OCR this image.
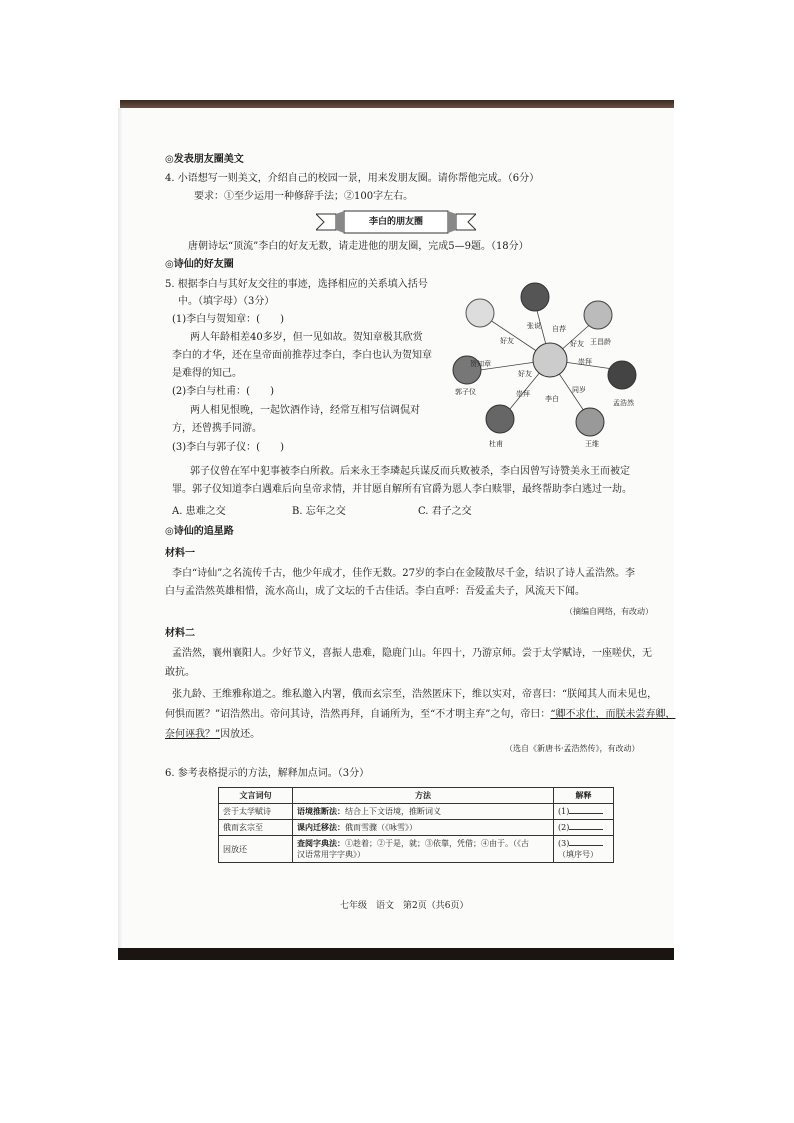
◎发表朋友圈美文
4. 小语想写一则美文，介绍自己的校园一景，用来发朋友圈。请你帮他完成。（6分）
要求：①至少运用一种修辞手法；②100字左右。
李白的朋友圈
唐朝诗坛“顶流”李白的好友无数，请走进他的朋友圈，完成5—9题。（18分）
◎诗仙的好友圈
5. 根据李白与其好友交往的事迹，选择相应的关系填入括号
中。（填字母）（3分）
(1)李白与贺知章：(　　)
两人年龄相差40多岁，但一见如故。贺知章极其欣赏
李白的才华，还在皇帝面前推荐过李白，李白也认为贺知章
是难得的知己。
(2)李白与杜甫：(　　)
两人相见恨晚，一起饮酒作诗，经常互相写信调侃对
方，还曾携手同游。
(3)李白与郭子仪：(　　)
贺知章
张说
王昌龄
孟浩然
王维
杜甫
郭子仪
李白
好友
自荐
好友
崇拜
同岁
崇拜
好友
郭子仪曾在军中犯事被李白所救。后来永王李璘起兵谋反而兵败被杀，李白因曾写诗赞美永王而被定
罪。郭子仪知道李白遇难后向皇帝求情，并甘愿自解所有官爵为恩人李白赎罪，最终帮助李白逃过一劫。
A. 患难之交	B. 忘年之交	C. 君子之交
◎诗仙的追星路
材料一
李白“诗仙”之名流传千古，他少年成才，佳作无数。27岁的李白在金陵散尽千金，结识了诗人孟浩然。李
白与孟浩然英雄相惜，流水高山，成了文坛的千古佳话。李白直呼：吾爱孟夫子，风流天下闻。
（摘编自网络，有改动）
材料二
孟浩然，襄州襄阳人。少好节义，喜振人患难，隐鹿门山。年四十，乃游京师。尝于太学赋诗，一座嗟伏，无
敢抗。
张九龄、王维雅称道之。维私邀入内署，俄而玄宗至，浩然匿床下，维以实对，帝喜曰：“朕闻其人而未见也，
何惧而匿？”诏浩然出。帝问其诗，浩然再拜，自诵所为，至“不才明主弃”之句，帝曰：“卿不求仕，而朕未尝弃卿，
奈何诬我？”因放还。
（选自《新唐书·孟浩然传》，有改动）
6. 参考表格提示的方法，解释加点词。（3分）
文言词句	方法	解释
尝于太学赋诗	语境推断法：结合上下文语境，推断词义	(1)
俄而玄宗至	课内迁移法：俄而雪骤（《咏雪》）	(2)
因放还	查阅字典法：①趁着；②于是，就；③依靠，凭借；④由于。（《古
汉语常用字字典》）	(3)
（填序号）
七年级　语文　第2页（共6页）
